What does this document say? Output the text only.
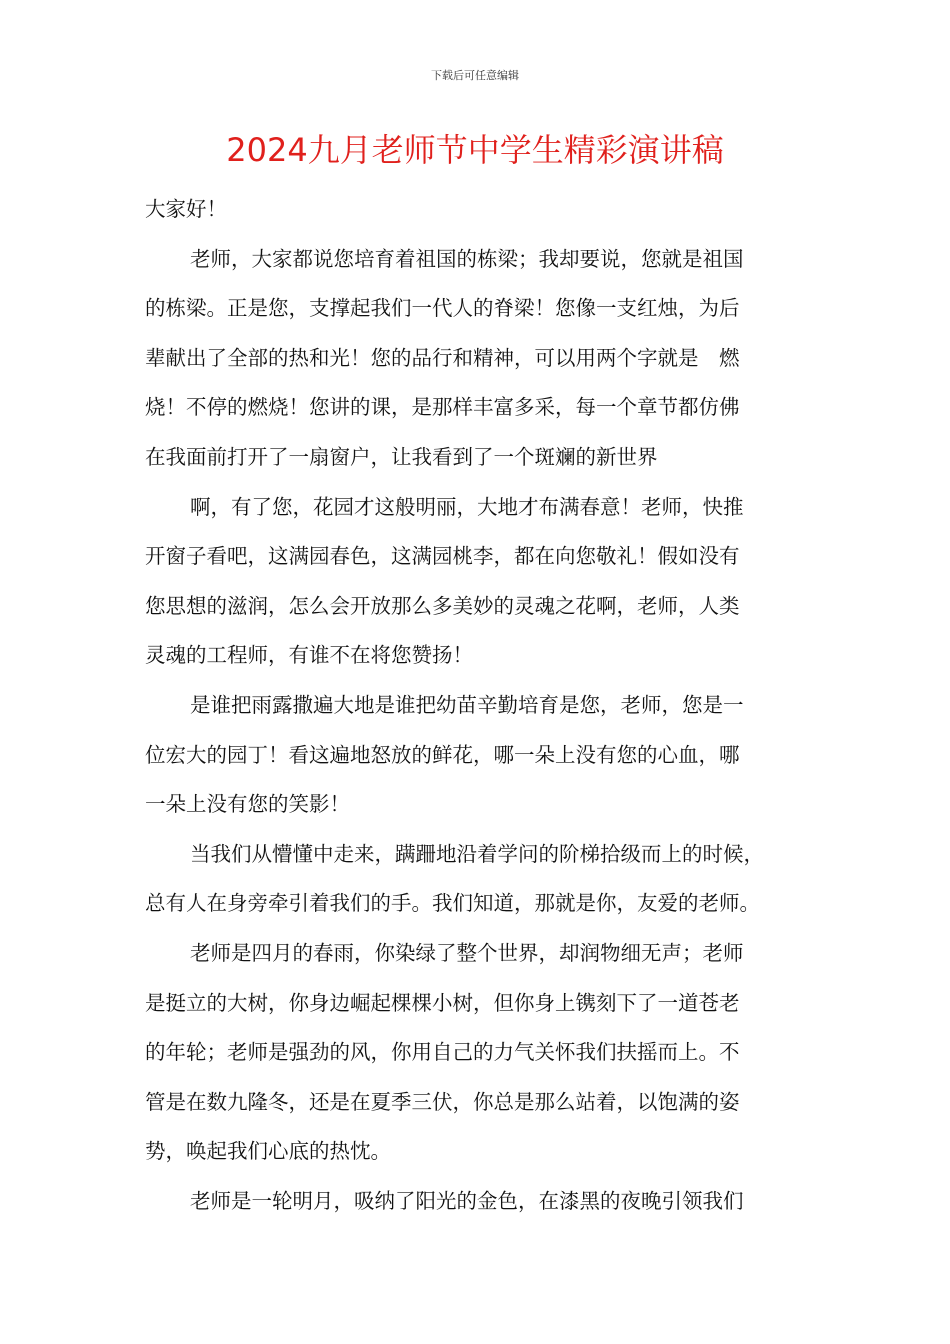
下载后可任意编辑
2024九月老师节中学生精彩演讲稿
大家好！
老师，大家都说您培育着祖国的栋梁；我却要说，您就是祖国
的栋梁。正是您，支撑起我们一代人的脊梁！您像一支红烛，为后
辈献出了全部的热和光！您的品行和精神，可以用两个字就是　燃
烧！不停的燃烧！您讲的课，是那样丰富多采，每一个章节都仿佛
在我面前打开了一扇窗户，让我看到了一个斑斓的新世界
啊，有了您，花园才这般明丽，大地才布满春意！老师，快推
开窗子看吧，这满园春色，这满园桃李，都在向您敬礼！假如没有
您思想的滋润，怎么会开放那么多美妙的灵魂之花啊，老师，人类
灵魂的工程师，有谁不在将您赞扬！
是谁把雨露撒遍大地是谁把幼苗辛勤培育是您，老师，您是一
位宏大的园丁！看这遍地怒放的鲜花，哪一朵上没有您的心血，哪
一朵上没有您的笑影！
当我们从懵懂中走来，蹒跚地沿着学问的阶梯拾级而上的时候，
总有人在身旁牵引着我们的手。我们知道，那就是你，友爱的老师。
老师是四月的春雨，你染绿了整个世界，却润物细无声；老师
是挺立的大树，你身边崛起棵棵小树，但你身上镌刻下了一道苍老
的年轮；老师是强劲的风，你用自己的力气关怀我们扶摇而上。不
管是在数九隆冬，还是在夏季三伏，你总是那么站着，以饱满的姿
势，唤起我们心底的热忱。
老师是一轮明月，吸纳了阳光的金色，在漆黑的夜晚引领我们
